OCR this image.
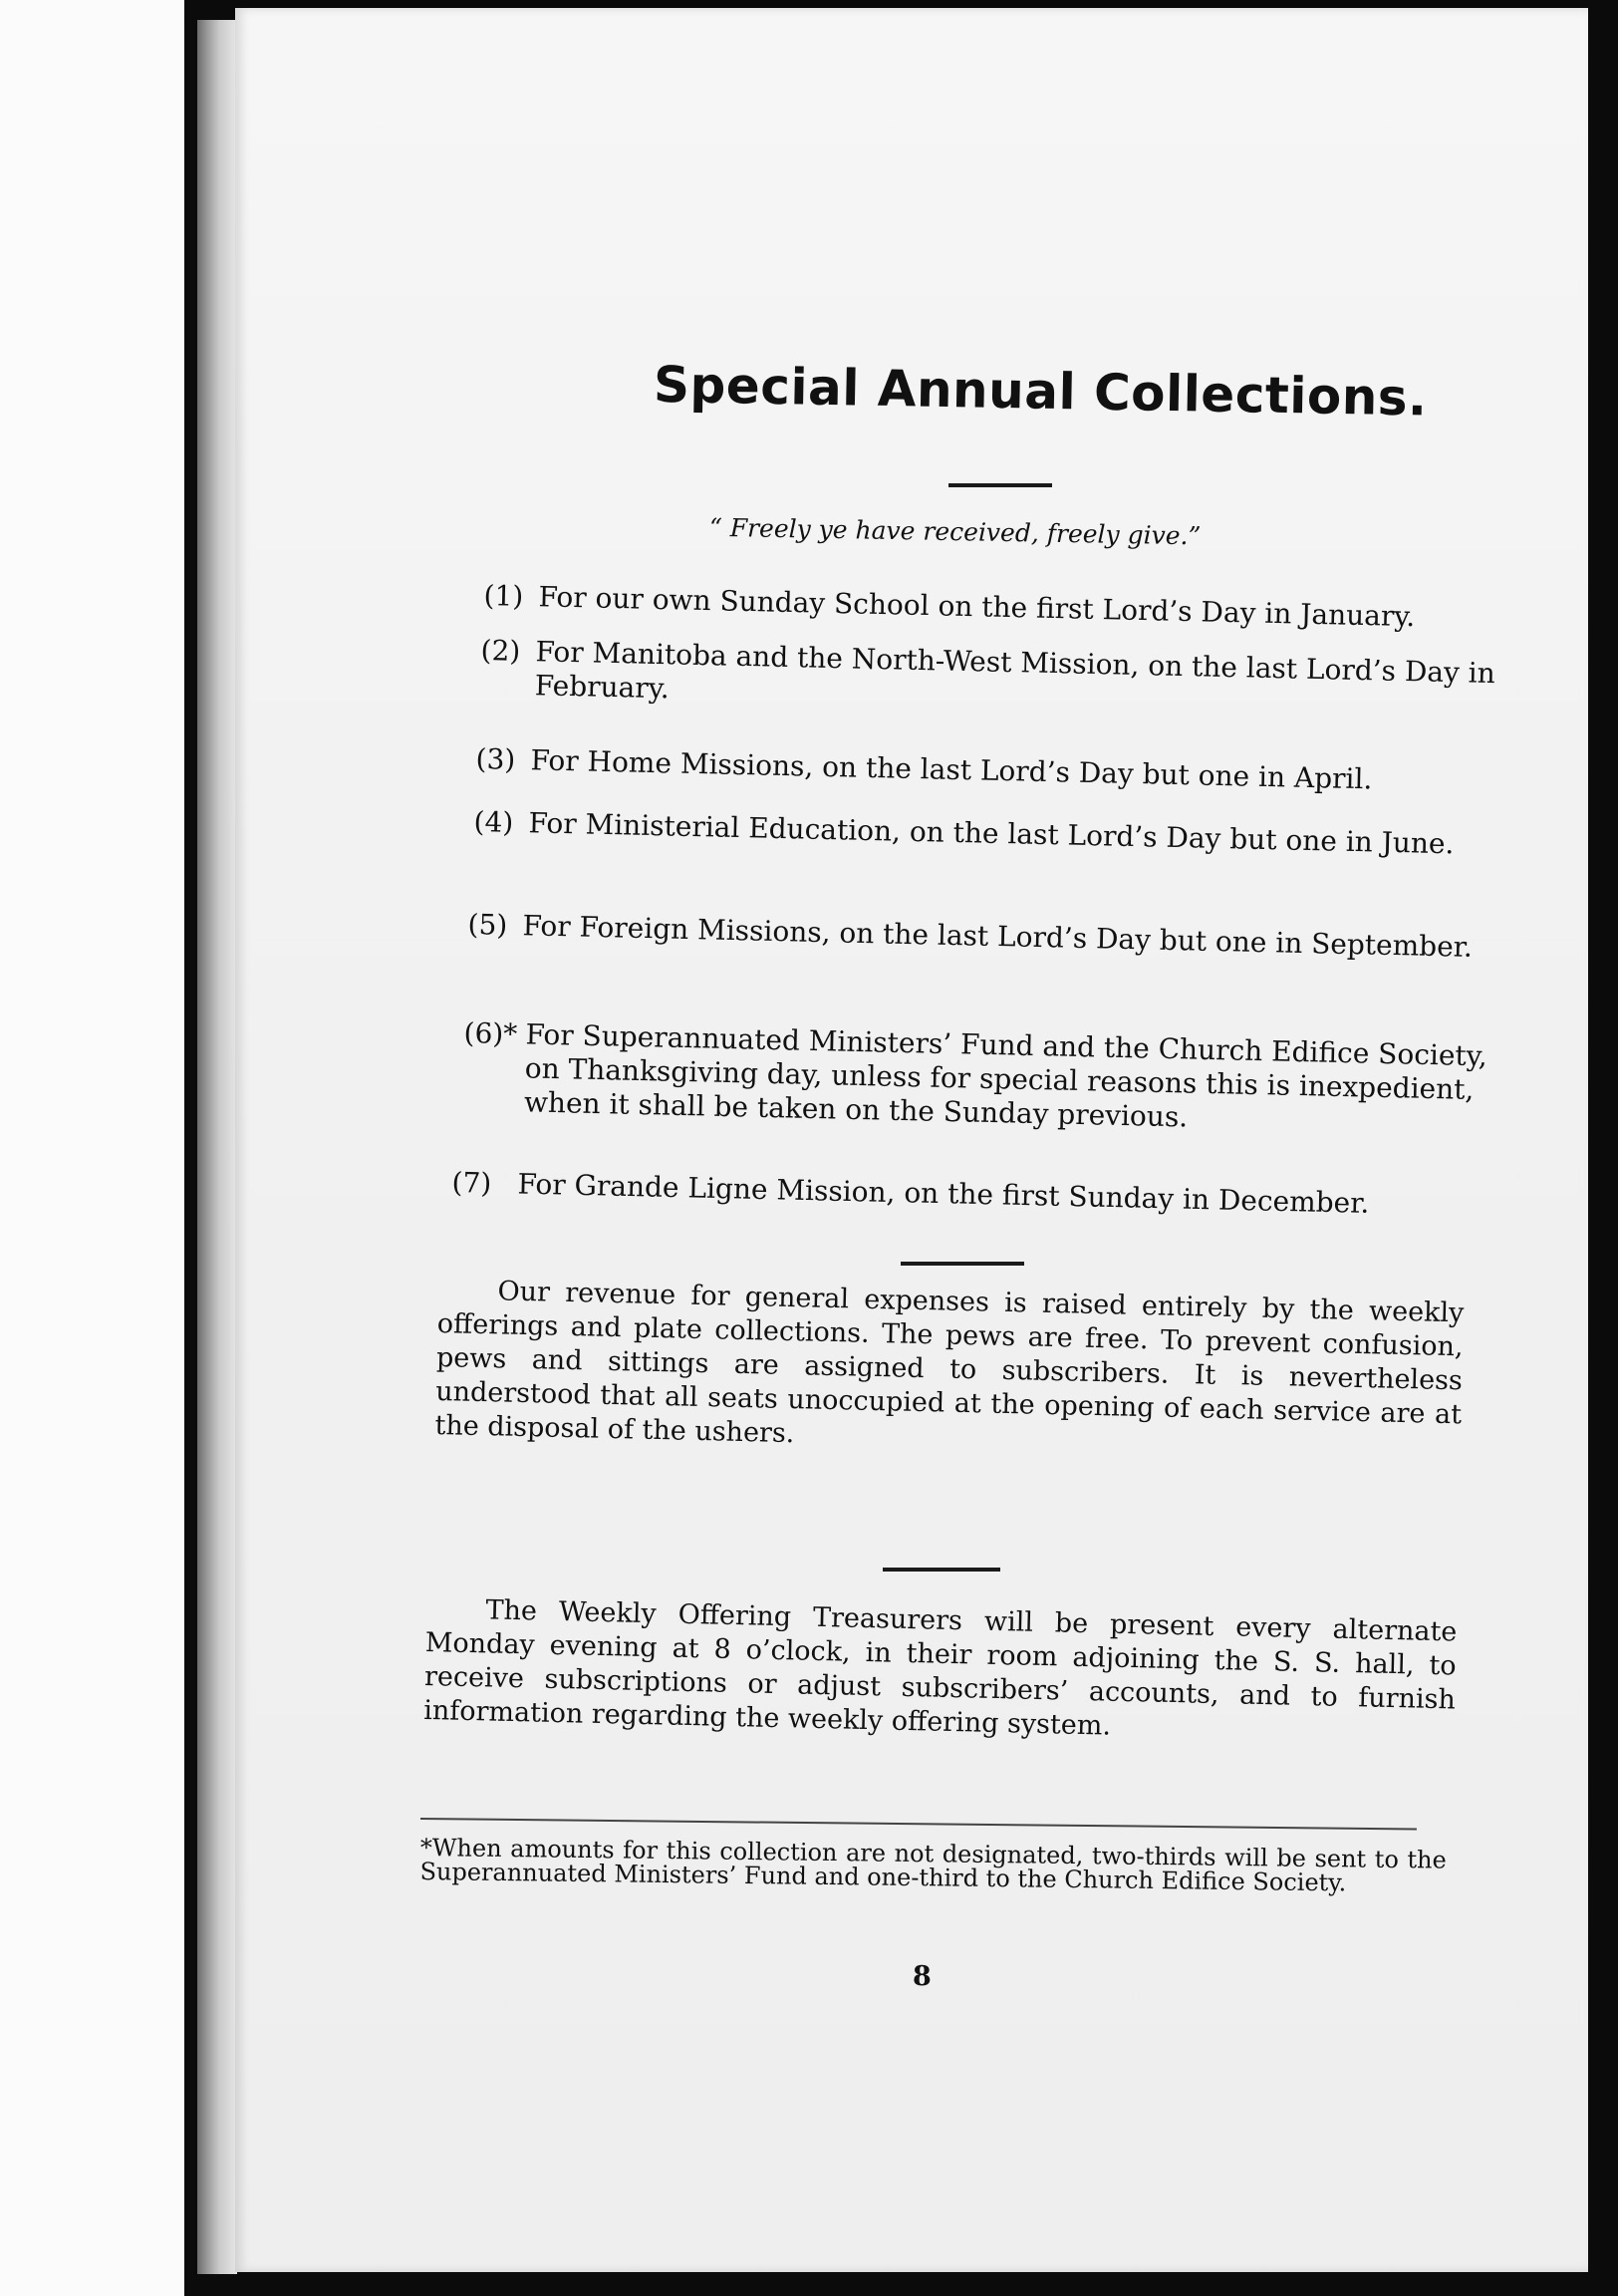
Special Annual Collections.
“ Freely ye have received, freely give.”
(1) For our own Sunday School on the first Lord’s Day in January.
(2) For Manitoba and the North-West Mission, on the last Lord’s Day in February.
(3) For Home Missions, on the last Lord’s Day but one in April.
(4) For Ministerial Education, on the last Lord’s Day but one in June.
(5) For Foreign Missions, on the last Lord’s Day but one in September.
(6)* For Superannuated Ministers’ Fund and the Church Edifice Society, on Thanksgiving day, unless for special reasons this is inexpedient, when it shall be taken on the Sunday previous.
(7) For Grande Ligne Mission, on the first Sunday in December.

Our revenue for general expenses is raised entirely by the weekly offerings and plate collections. The pews are free. To prevent confusion, pews and sittings are assigned to subscribers. It is nevertheless understood that all seats unoccupied at the opening of each service are at the disposal of the ushers.

The Weekly Offering Treasurers will be present every alternate Monday evening at 8 o’clock, in their room adjoining the S. S. hall, to receive subscriptions or adjust subscribers’ accounts, and to furnish information regarding the weekly offering system.

*When amounts for this collection are not designated, two-thirds will be sent to the Superannuated Ministers’ Fund and one-third to the Church Edifice Society.
8
